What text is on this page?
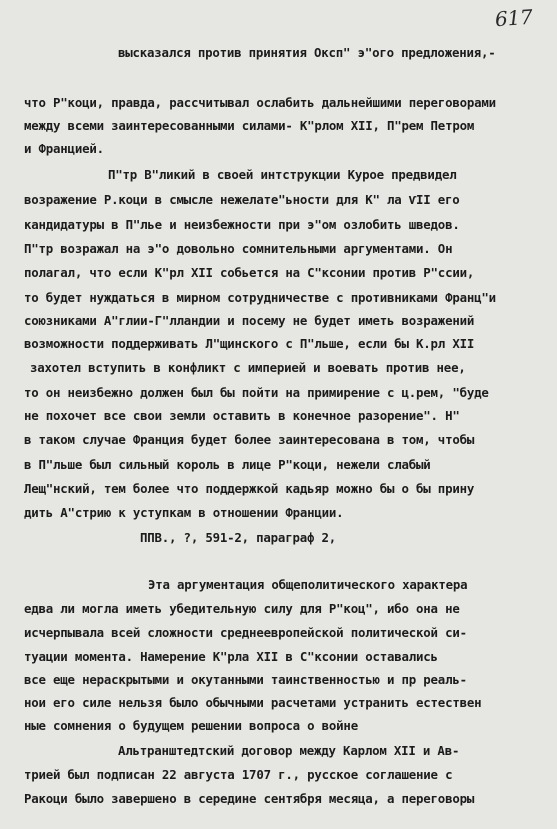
617
высказался против принятия Оксп" э"ого предложения,-
что Р"коци, правда, рассчитывал ослабить дальнейшими переговорами
между всеми заинтересованными силами- К"рлом XII, П"рем Петром
и Францией.
П"тр В"ликий в своей интструкции Куроe предвидел
возражение Р.коци в смысле нежелате"ьности для К" ла ѴII его
кандидатуры в П"лье и неизбежности при э"ом озлобить шведов.
П"тр возражал на э"о довольно сомнительными аргументами. Он
полагал, что если К"рл XII собьется на С"ксонии против Р"ссии,
то будет нуждаться в мирном сотрудничестве с противниками Франц"и
союзниками А"глии-Г"лландии и посему не будет иметь возражений
возможности поддерживать Л"щинского с П"льше, если бы К.рл XII
захотел вступить в конфликт с империей и воевать против нее,
то он неизбежно должен был бы пойти на примирение с ц.рем, "буде
не похочет все свои земли оставить в конечное разорение". Н"
в таком случае Франция будет более заинтересована в том, чтобы
в П"льше был сильный король в лице Р"коци, нежели слабый
Лещ"нский, тем более что поддержкой кадьяр можно бы о бы прину
дить А"стрию к уступкам в отношении Франции.
ППВ., ?, 591-2, параграф 2,
Эта аргументация общеполитического характера
едва ли могла иметь убедительную силу для Р"коц", ибо она не
исчерпывала всей сложности среднеевропейской политической си-
туации момента. Намерение К"рла XII в С"ксонии оставались
все еще нераскрытыми и окутанными таинственностью и пр реаль-
нои его силе нельзя было обычными расчетами устранить естествен
ные сомнения о будущем решении вопроса о войне
Альтранштедтский договор между Карлом XII и Ав-
трией был подписан 22 августа 1707 г., русское соглашение с
Ракоци было завершено в середине сентября месяца, а переговоры
